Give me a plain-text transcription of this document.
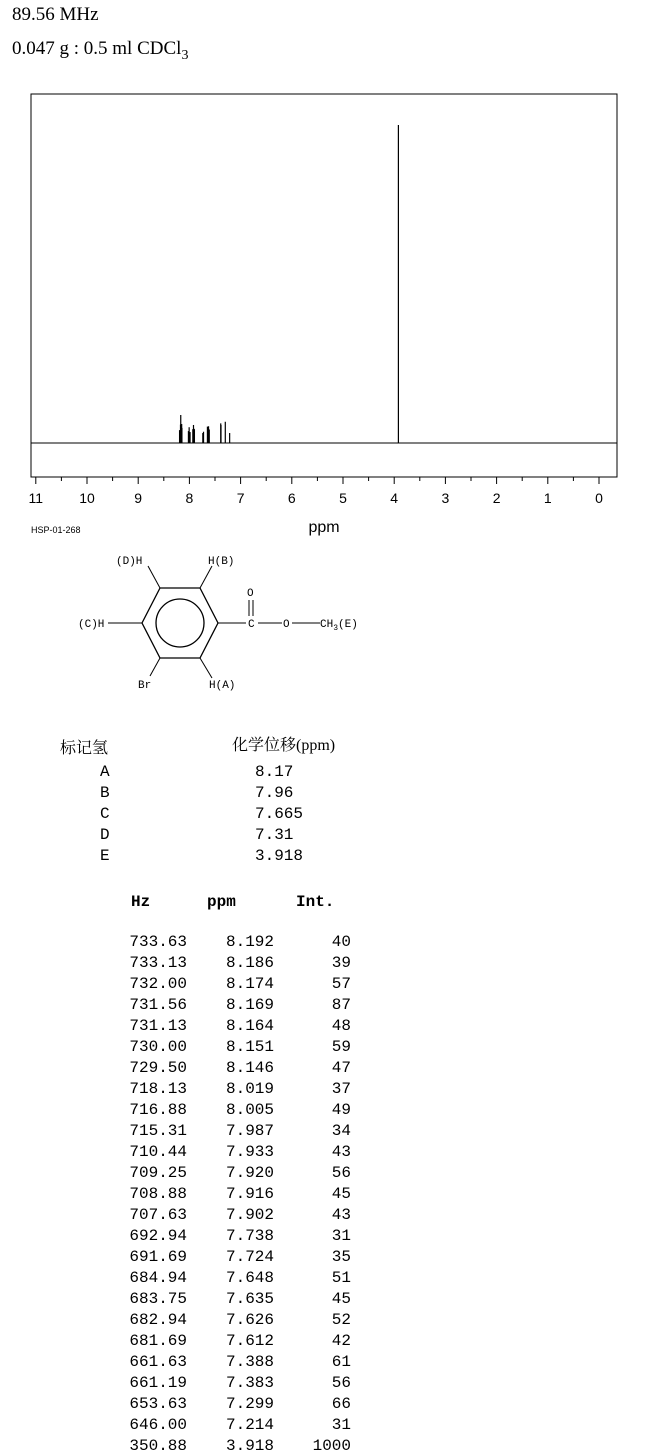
89.56 MHz
0.047 g : 0.5 ml CDCl$_3$
11	10	9	8	7	6	5	4	3	2	1	0
ppm
HSP-01-268
(D)H	H(B)
(C)H
Br	H(A)
O
C	O	$CH_3(E)$
标记氢	化学位移(ppm)
A	8.17
B	7.96
C	7.665
D	7.31
E	3.918
Hz	ppm	Int.
733.63	8.192	40
733.13	8.186	39
732.00	8.174	57
731.56	8.169	87
731.13	8.164	48
730.00	8.151	59
729.50	8.146	47
718.13	8.019	37
716.88	8.005	49
715.31	7.987	34
710.44	7.933	43
709.25	7.920	56
708.88	7.916	45
707.63	7.902	43
692.94	7.738	31
691.69	7.724	35
684.94	7.648	51
683.75	7.635	45
682.94	7.626	52
681.69	7.612	42
661.63	7.388	61
661.19	7.383	56
653.63	7.299	66
646.00	7.214	31
350.88	3.918	1000
